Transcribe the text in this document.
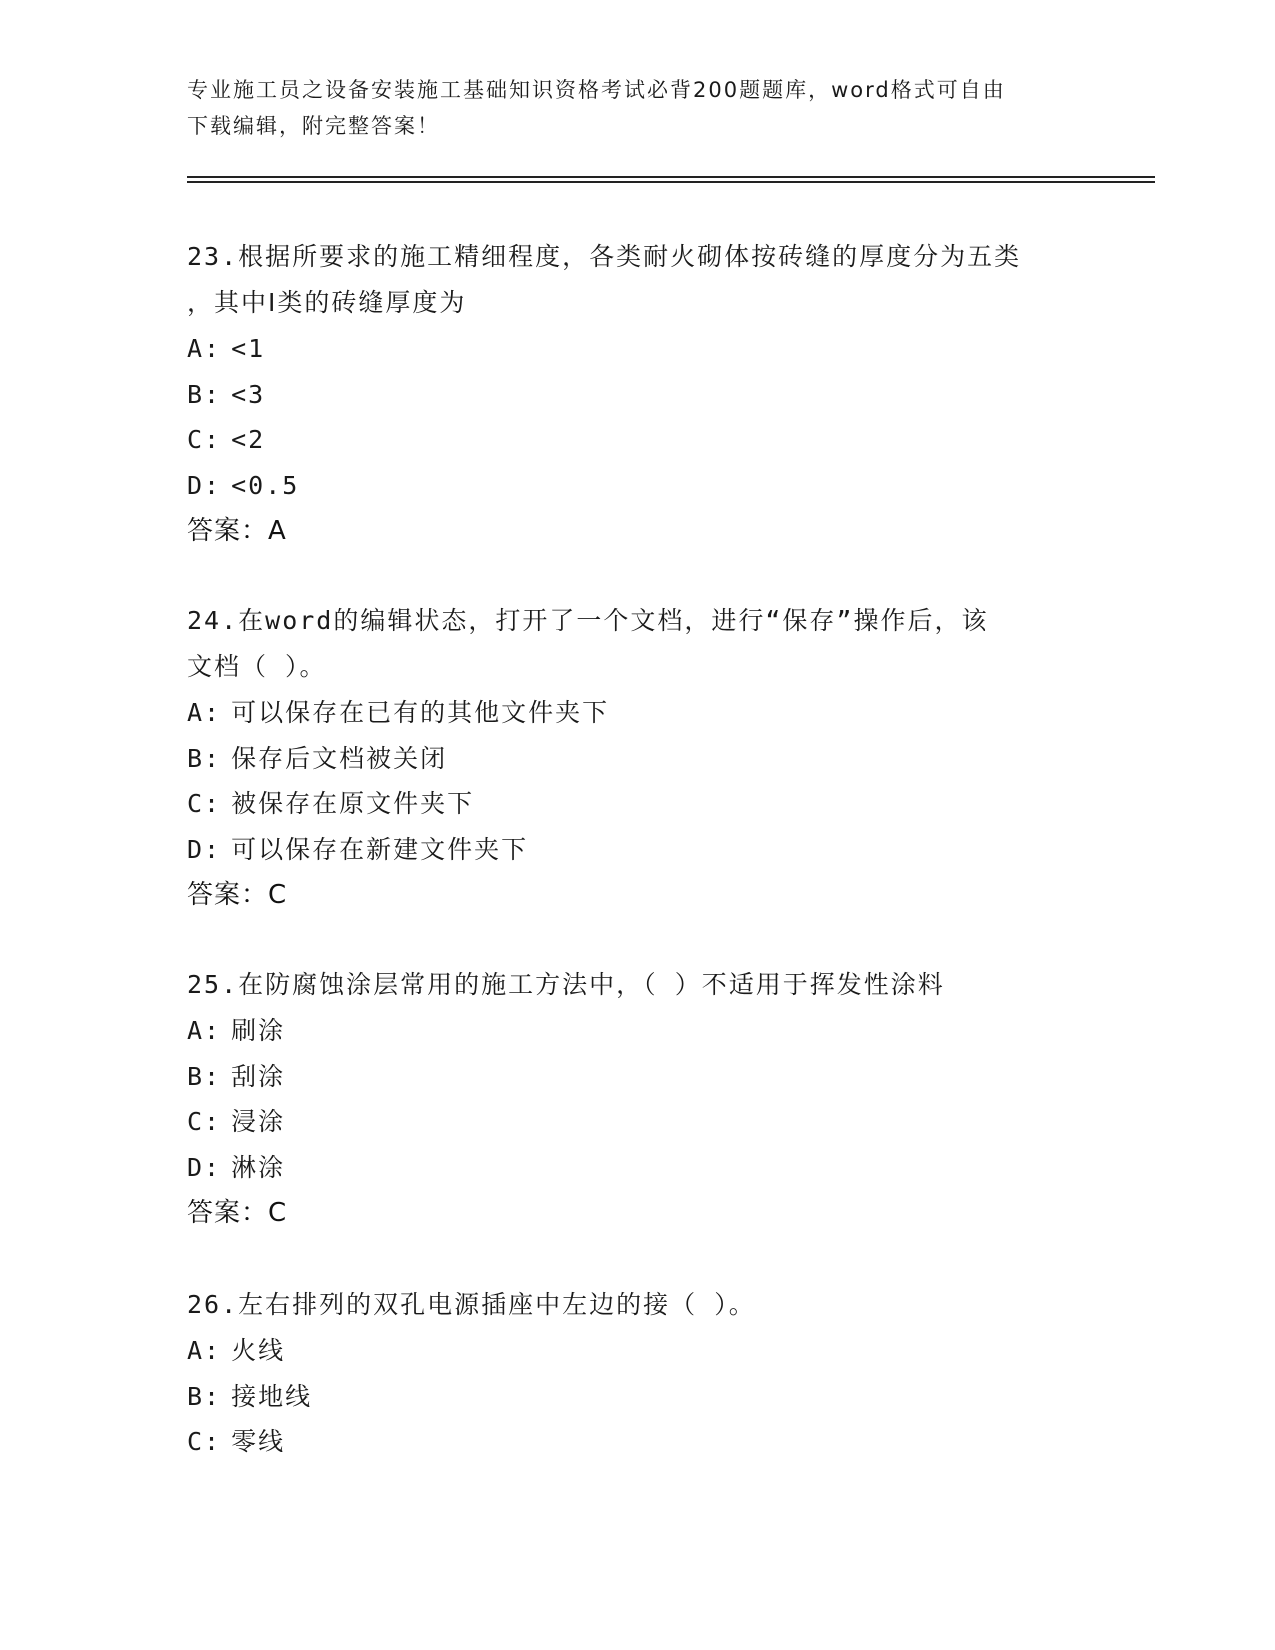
专业施工员之设备安装施工基础知识资格考试必背200题题库，word格式可自由
下载编辑，附完整答案！

23.根据所要求的施工精细程度，各类耐火砌体按砖缝的厚度分为五类

，其中Ⅰ类的砖缝厚度为

A: <1

B: <3

C: <2

D: <0.5

答案：A

24.在word的编辑状态，打开了一个文档，进行“保存”操作后，该

文档（ ）。

A: 可以保存在已有的其他文件夹下

B: 保存后文档被关闭

C: 被保存在原文件夹下

D: 可以保存在新建文件夹下

答案：C

25.在防腐蚀涂层常用的施工方法中，（ ）不适用于挥发性涂料

A: 刷涂

B: 刮涂

C: 浸涂

D: 淋涂

答案：C

26.左右排列的双孔电源插座中左边的接（ ）。

A: 火线

B: 接地线

C: 零线
